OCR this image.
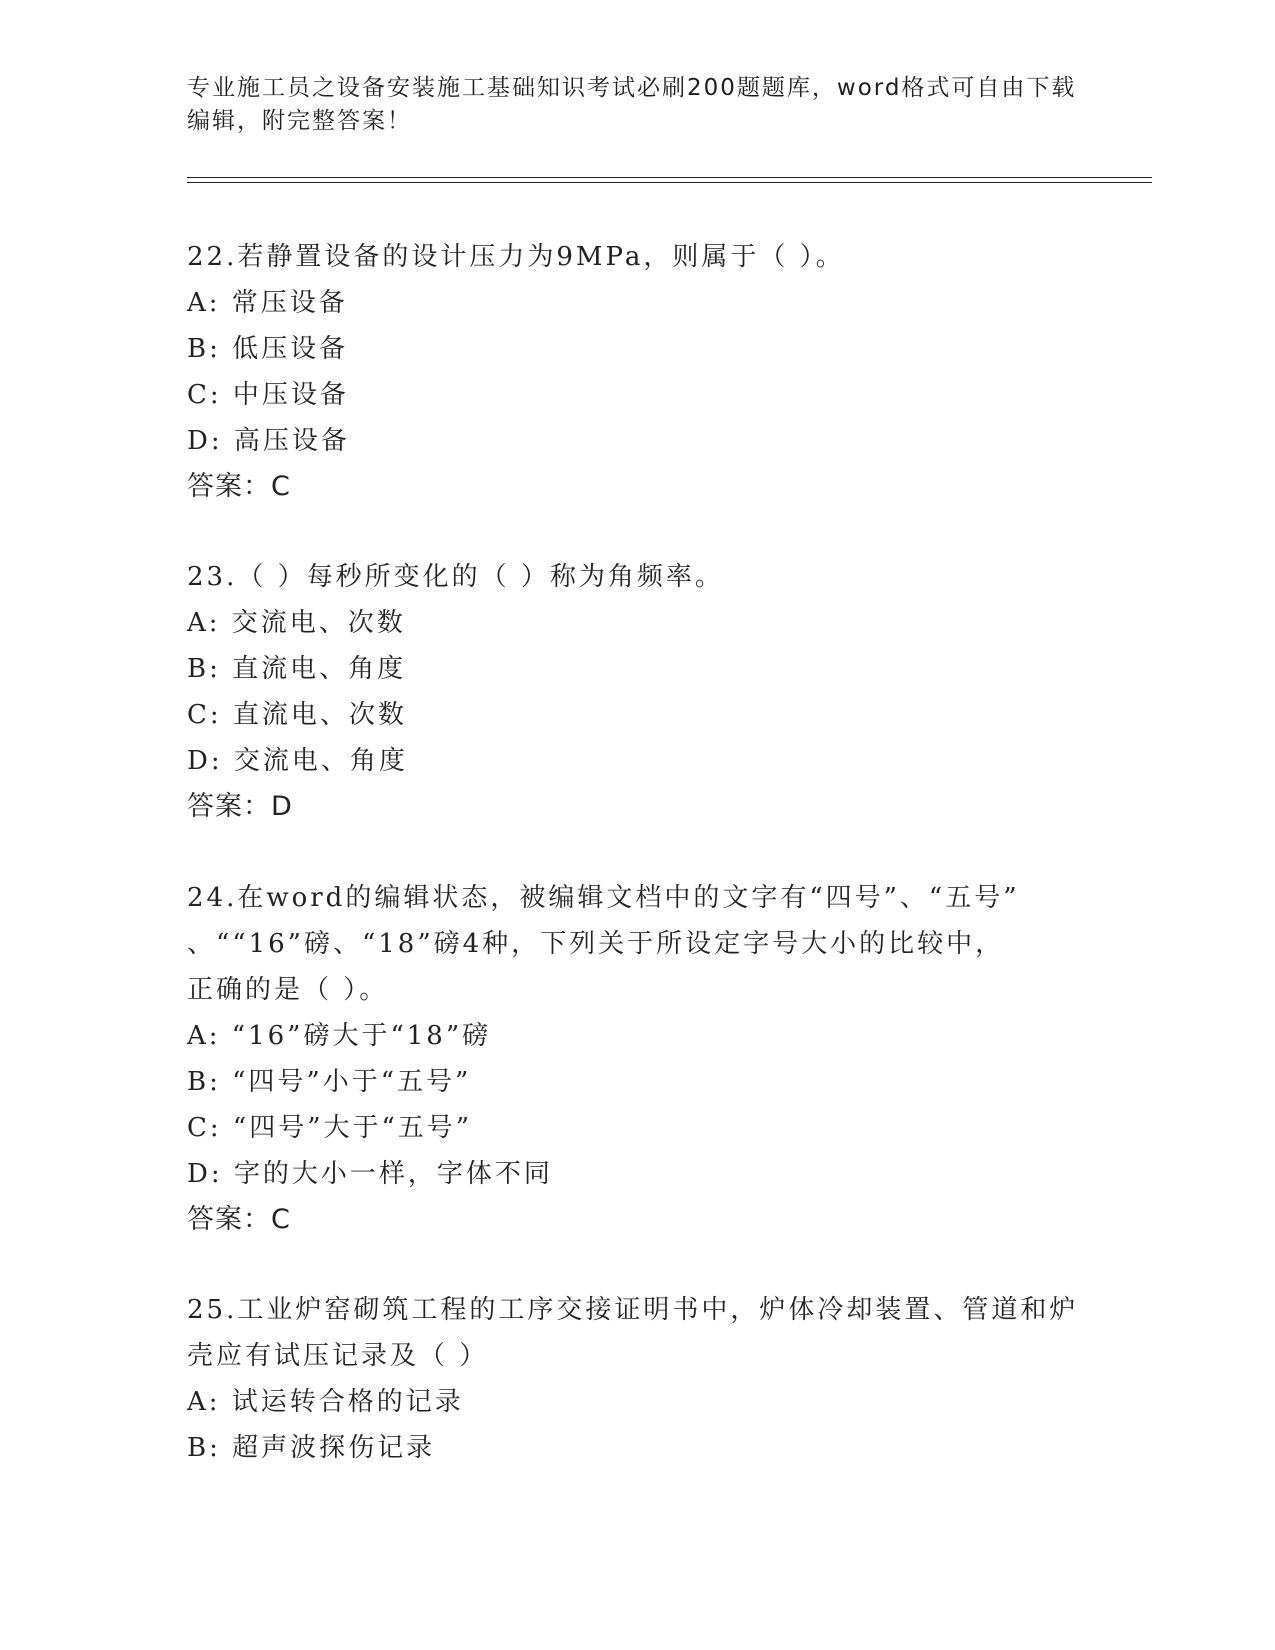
专业施工员之设备安装施工基础知识考试必刷200题题库，word格式可自由下载
编辑，附完整答案！
22.若静置设备的设计压力为9MPa，则属于（ ）。
A: 常压设备
B: 低压设备
C: 中压设备
D: 高压设备
答案：C
23.（ ）每秒所变化的（ ）称为角频率。
A: 交流电、次数
B: 直流电、角度
C: 直流电、次数
D: 交流电、角度
答案：D
24.在word的编辑状态，被编辑文档中的文字有“四号”、“五号”
、““16”磅、“18”磅4种，下列关于所设定字号大小的比较中，
正确的是（ ）。
A: “16”磅大于“18”磅
B: “四号”小于“五号”
C: “四号”大于“五号”
D: 字的大小一样，字体不同
答案：C
25.工业炉窑砌筑工程的工序交接证明书中，炉体冷却装置、管道和炉
壳应有试压记录及（ ）
A: 试运转合格的记录
B: 超声波探伤记录
